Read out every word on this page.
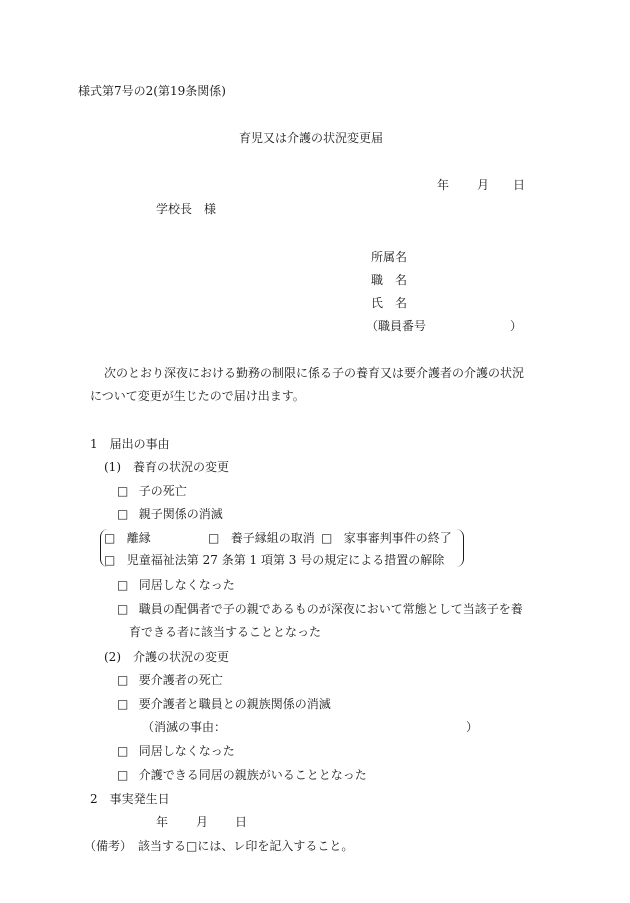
様式第7号の2(第19条関係)
育児又は介護の状況変更届
年 月 日
学校長　様
所属名
職　名
氏　名
（職員番号　　　　　　　）
次のとおり深夜における勤務の制限に係る子の養育又は要介護者の介護の状況
について変更が生じたので届け出ます。
1　届出の事由
(1)　養育の状況の変更
□ 子の死亡
□ 親子関係の消滅
□ 離縁	□ 養子縁組の取消 □ 家事審判事件の終了
□ 児童福祉法第 27 条第 1 項第 3 号の規定による措置の解除
□ 同居しなくなった
□ 職員の配偶者で子の親であるものが深夜において常態として当該子を養
育できる者に該当することとなった
(2)　介護の状況の変更
□ 要介護者の死亡
□ 要介護者と職員との親族関係の消滅
（消滅の事由：	）
□ 同居しなくなった
□ 介護できる同居の親族がいることとなった
2　事実発生日
年 月 日
（備考）　該当する□には、レ印を記入すること。
